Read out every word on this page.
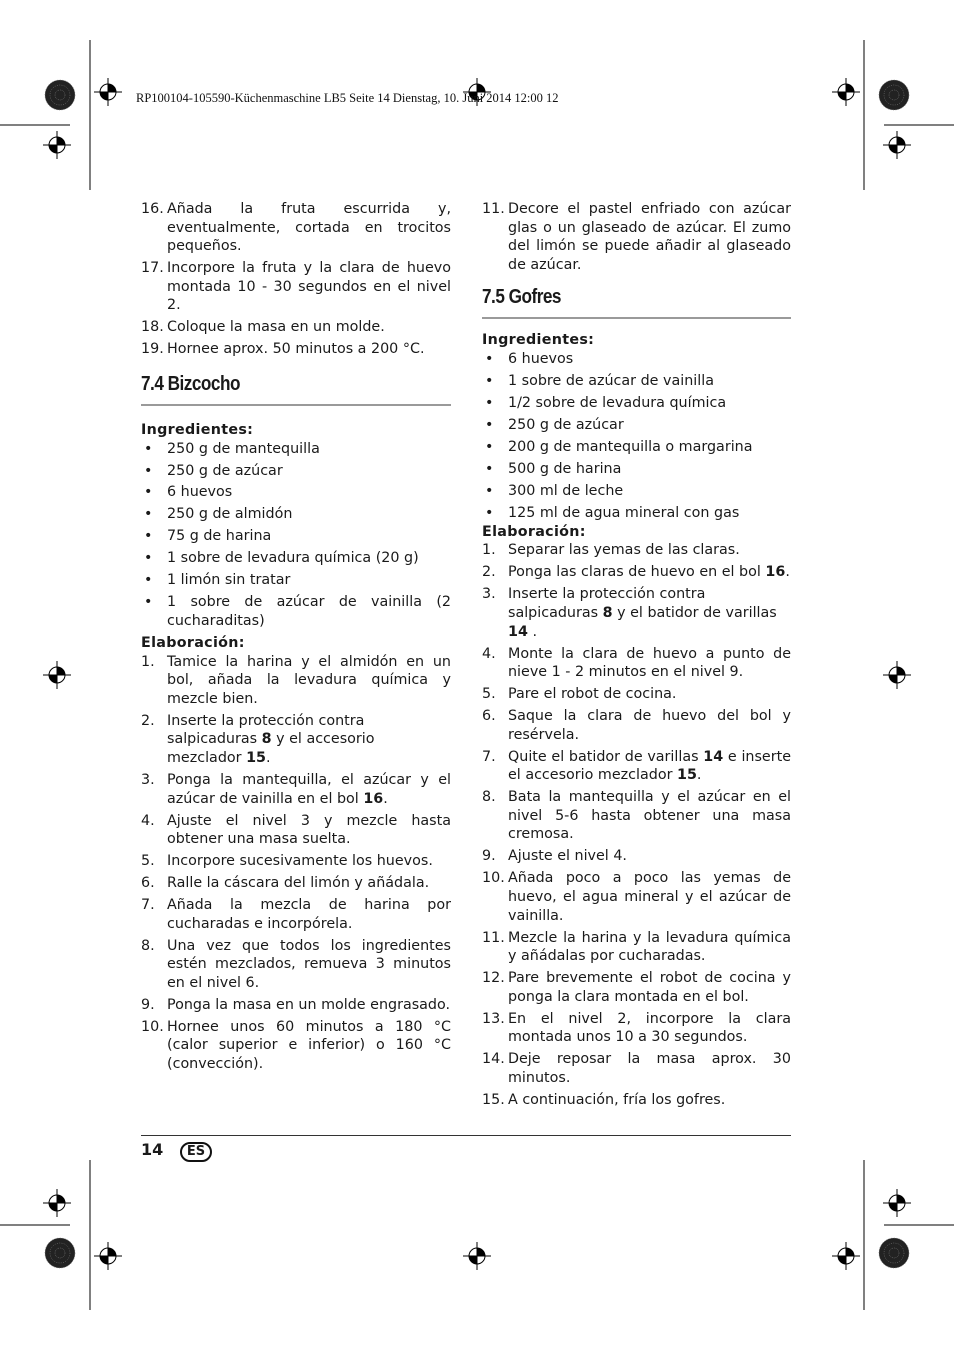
RP100104-105590-Küchenmaschine LB5 Seite 14 Dienstag, 10. Juni 2014 12:00 12
16. Añada la fruta escurrida y, eventualmente, cortada en trocitos pequeños.
17. Incorpore la fruta y la clara de huevo montada 10 - 30 segundos en el nivel 2.
18. Coloque la masa en un molde.
19. Hornee aprox. 50 minutos a 200 °C.
7.4 Bizcocho
Ingredientes:
•	250 g de mantequilla
•	250 g de azúcar
•	6 huevos
•	250 g de almidón
•	75 g de harina
•	1 sobre de levadura química (20 g)
•	1 limón sin tratar
•	1 sobre de azúcar de vainilla (2 cucharaditas)
Elaboración:
1. Tamice la harina y el almidón en un bol, añada la levadura química y mezcle bien.
2. Inserte la protección contra salpicaduras 8 y el accesorio mezclador 15.
3. Ponga la mantequilla, el azúcar y el azúcar de vainilla en el bol 16.
4. Ajuste el nivel 3 y mezcle hasta obtener una masa suelta.
5. Incorpore sucesivamente los huevos.
6. Ralle la cáscara del limón y añádala.
7. Añada la mezcla de harina por cucharadas e incorpórela.
8. Una vez que todos los ingredientes estén mezclados, remueva 3 minutos en el nivel 6.
9. Ponga la masa en un molde engrasado.
10. Hornee unos 60 minutos a 180 °C (calor superior e inferior) o 160 °C (convección).
11. Decore el pastel enfriado con azúcar glas o un glaseado de azúcar. El zumo del limón se puede añadir al glaseado de azúcar.
7.5 Gofres
Ingredientes:
•	6 huevos
•	1 sobre de azúcar de vainilla
•	1/2 sobre de levadura química
•	250 g de azúcar
•	200 g de mantequilla o margarina
•	500 g de harina
•	300 ml de leche
•	125 ml de agua mineral con gas
Elaboración:
1. Separar las yemas de las claras.
2. Ponga las claras de huevo en el bol 16.
3. Inserte la protección contra salpicaduras 8 y el batidor de varillas 14 .
4. Monte la clara de huevo a punto de nieve 1 - 2 minutos en el nivel 9.
5. Pare el robot de cocina.
6. Saque la clara de huevo del bol y resérvela.
7. Quite el batidor de varillas 14 e inserte el accesorio mezclador 15.
8. Bata la mantequilla y el azúcar en el nivel 5-6 hasta obtener una masa cremosa.
9. Ajuste el nivel 4.
10. Añada poco a poco las yemas de huevo, el agua mineral y el azúcar de vainilla.
11. Mezcle la harina y la levadura química y añádalas por cucharadas.
12. Pare brevemente el robot de cocina y ponga la clara montada en el bol.
13. En el nivel 2, incorpore la clara montada unos 10 a 30 segundos.
14. Deje reposar la masa aprox. 30 minutos.
15. A continuación, fría los gofres.
14	ES
